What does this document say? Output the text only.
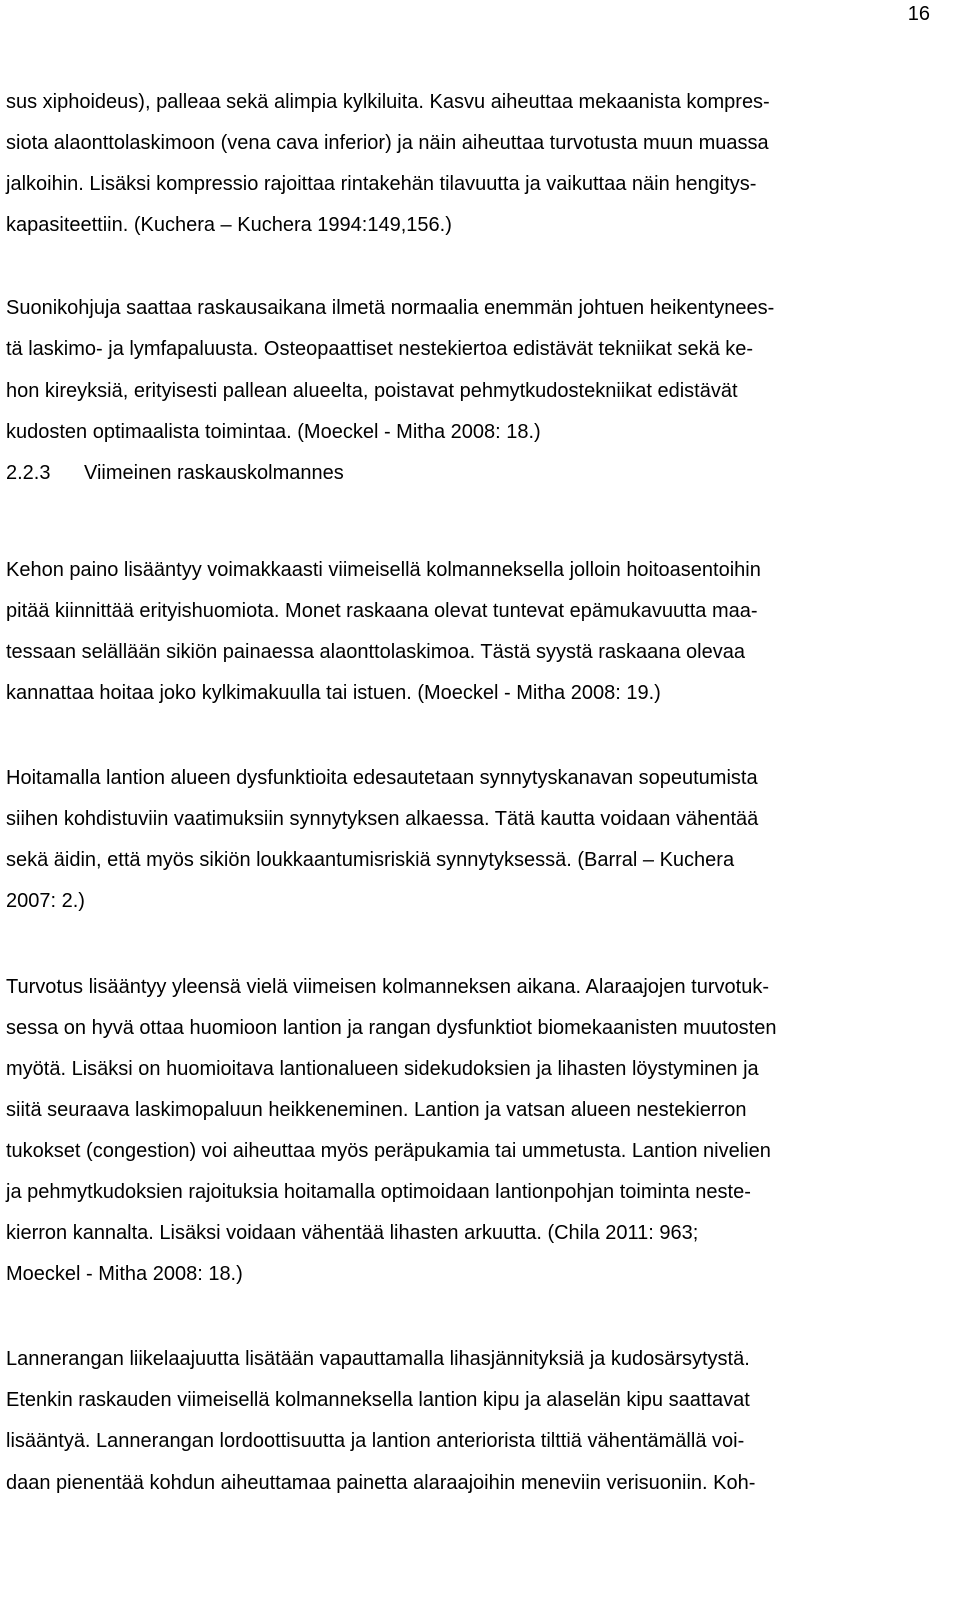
16

sus xiphoideus), palleaa sekä alimpia kylkiluita. Kasvu aiheuttaa mekaanista kompres-
siota alaonttolaskimoon (vena cava inferior) ja näin aiheuttaa turvotusta muun muassa
jalkoihin. Lisäksi kompressio rajoittaa rintakehän tilavuutta ja vaikuttaa näin hengitys-
kapasiteettiin. (Kuchera – Kuchera 1994:149,156.)

Suonikohjuja saattaa raskausaikana ilmetä normaalia enemmän johtuen heikentynees-
tä laskimo- ja lymfapaluusta. Osteopaattiset nestekiertoa edistävät tekniikat sekä ke-
hon kireyksiä, erityisesti pallean alueelta, poistavat pehmytkudostekniikat edistävät
kudosten optimaalista toimintaa. (Moeckel - Mitha 2008: 18.)

2.2.3 Viimeinen raskauskolmannes

Kehon paino lisääntyy voimakkaasti viimeisellä kolmanneksella jolloin hoitoasentoihin
pitää kiinnittää erityishuomiota. Monet raskaana olevat tuntevat epämukavuutta maa-
tessaan selällään sikiön painaessa alaonttolaskimoa. Tästä syystä raskaana olevaa
kannattaa hoitaa joko kylkimakuulla tai istuen. (Moeckel - Mitha 2008: 19.)

Hoitamalla lantion alueen dysfunktioita edesautetaan synnytyskanavan sopeutumista
siihen kohdistuviin vaatimuksiin synnytyksen alkaessa. Tätä kautta voidaan vähentää
sekä äidin, että myös sikiön loukkaantumisriskiä synnytyksessä. (Barral – Kuchera
2007: 2.)

Turvotus lisääntyy yleensä vielä viimeisen kolmanneksen aikana. Alaraajojen turvotuk-
sessa on hyvä ottaa huomioon lantion ja rangan dysfunktiot biomekaanisten muutosten
myötä. Lisäksi on huomioitava lantionalueen sidekudoksien ja lihasten löystyminen ja
siitä seuraava laskimopaluun heikkeneminen. Lantion ja vatsan alueen nestekierron
tukokset (congestion) voi aiheuttaa myös peräpukamia tai ummetusta. Lantion nivelien
ja pehmytkudoksien rajoituksia hoitamalla optimoidaan lantionpohjan toiminta neste-
kierron kannalta. Lisäksi voidaan vähentää lihasten arkuutta. (Chila 2011: 963;
Moeckel - Mitha 2008: 18.)

Lannerangan liikelaajuutta lisätään vapauttamalla lihasjännityksiä ja kudosärsytystä.
Etenkin raskauden viimeisellä kolmanneksella lantion kipu ja alaselän kipu saattavat
lisääntyä. Lannerangan lordoottisuutta ja lantion anteriorista tilttiä vähentämällä voi-
daan pienentää kohdun aiheuttamaa painetta alaraajoihin meneviin verisuoniin. Koh-
